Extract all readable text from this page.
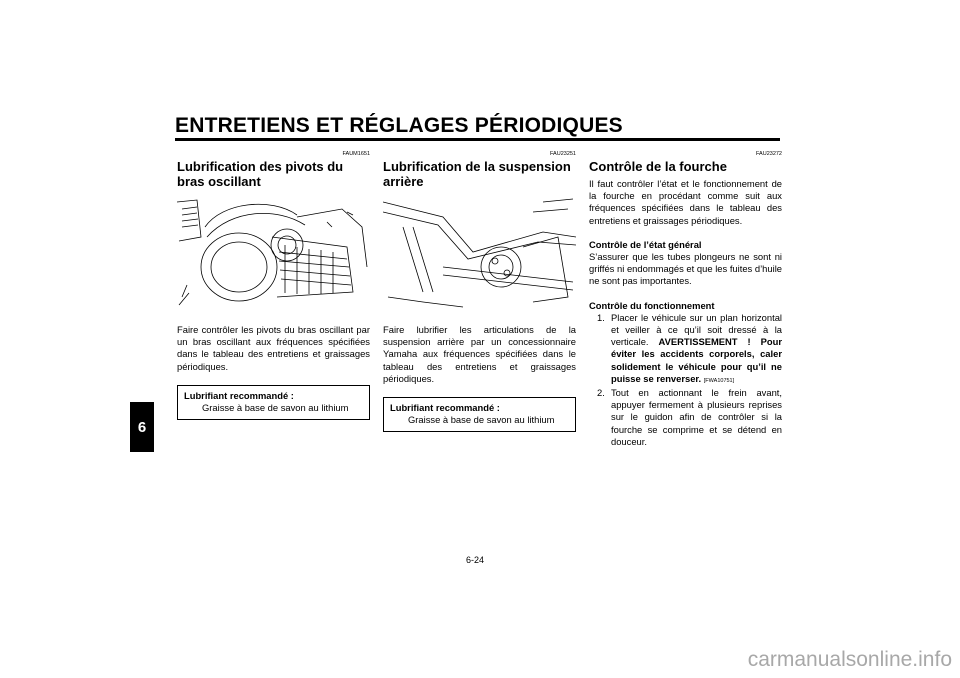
ENTRETIENS ET RÉGLAGES PÉRIODIQUES
6
FAUM1651
Lubrification des pivots du bras oscillant

Faire contrôler les pivots du bras oscillant par un bras oscillant aux fréquences spécifiées dans le tableau des entretiens et graissages périodiques.

Lubrifiant recommandé :
Graisse à base de savon au lithium
FAU23251
Lubrification de la suspension arrière

Faire lubrifier les articulations de la suspension arrière par un concessionnaire Yamaha aux fréquences spécifiées dans le tableau des entretiens et graissages périodiques.

Lubrifiant recommandé :
Graisse à base de savon au lithium
FAU23272
Contrôle de la fourche

Il faut contrôler l’état et le fonctionnement de la fourche en procédant comme suit aux fréquences spécifiées dans le tableau des entretiens et graissages périodiques.

Contrôle de l’état général

S’assurer que les tubes plongeurs ne sont ni griffés ni endommagés et que les fuites d’huile ne sont pas importantes.

Contrôle du fonctionnement
1. Placer le véhicule sur un plan horizontal et veiller à ce qu’il soit dressé à la verticale. AVERTISSEMENT ! Pour éviter les accidents corporels, caler solidement le véhicule pour qu’il ne puisse se renverser. [FWA10751]
2. Tout en actionnant le frein avant, appuyer fermement à plusieurs reprises sur le guidon afin de contrôler si la fourche se comprime et se détend en douceur.
6-24
carmanualsonline.info
